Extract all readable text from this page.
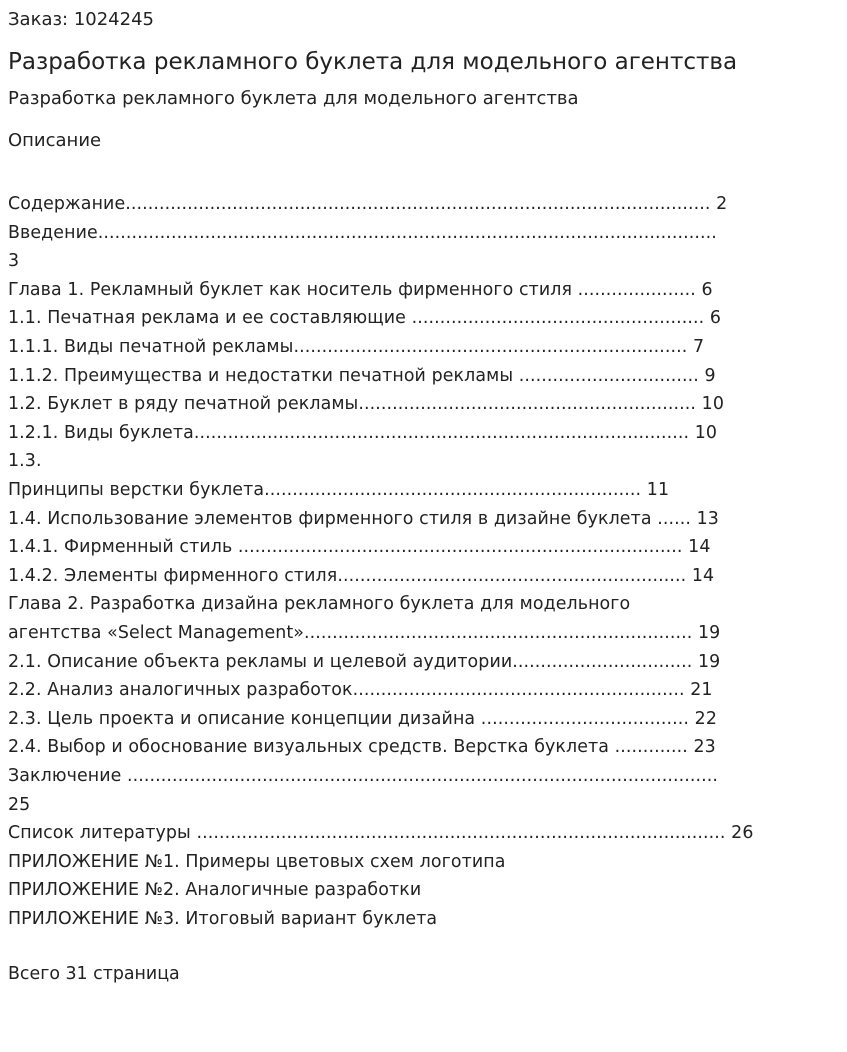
Заказ: 1024245
Разработка рекламного буклета для модельного агентства
Разработка рекламного буклета для модельного агентства
Описание
Содержание........................................................................................................ 2
Введение..............................................................................................................
3
Глава 1. Рекламный буклет как носитель фирменного стиля ..................... 6
1.1. Печатная реклама и ее составляющие .................................................... 6
1.1.1. Виды печатной рекламы...................................................................... 7
1.1.2. Преимущества и недостатки печатной рекламы ................................ 9
1.2. Буклет в ряду печатной рекламы............................................................ 10
1.2.1. Виды буклета........................................................................................ 10
1.3.
Принципы верстки буклета................................................................... 11
1.4. Использование элементов фирменного стиля в дизайне буклета ...... 13
1.4.1. Фирменный стиль ............................................................................... 14
1.4.2. Элементы фирменного стиля.............................................................. 14
Глава 2. Разработка дизайна рекламного буклета для модельного
агентства «Select Management»..................................................................... 19
2.1. Описание объекта рекламы и целевой аудитории................................ 19
2.2. Анализ аналогичных разработок........................................................... 21
2.3. Цель проекта и описание концепции дизайна ..................................... 22
2.4. Выбор и обоснование визуальных средств. Верстка буклета ............. 23
Заключение .........................................................................................................
25
Список литературы .............................................................................................. 26
ПРИЛОЖЕНИЕ №1. Примеры цветовых схем логотипа
ПРИЛОЖЕНИЕ №2. Аналогичные разработки
ПРИЛОЖЕНИЕ №3. Итоговый вариант буклета
Всего 31 страница
